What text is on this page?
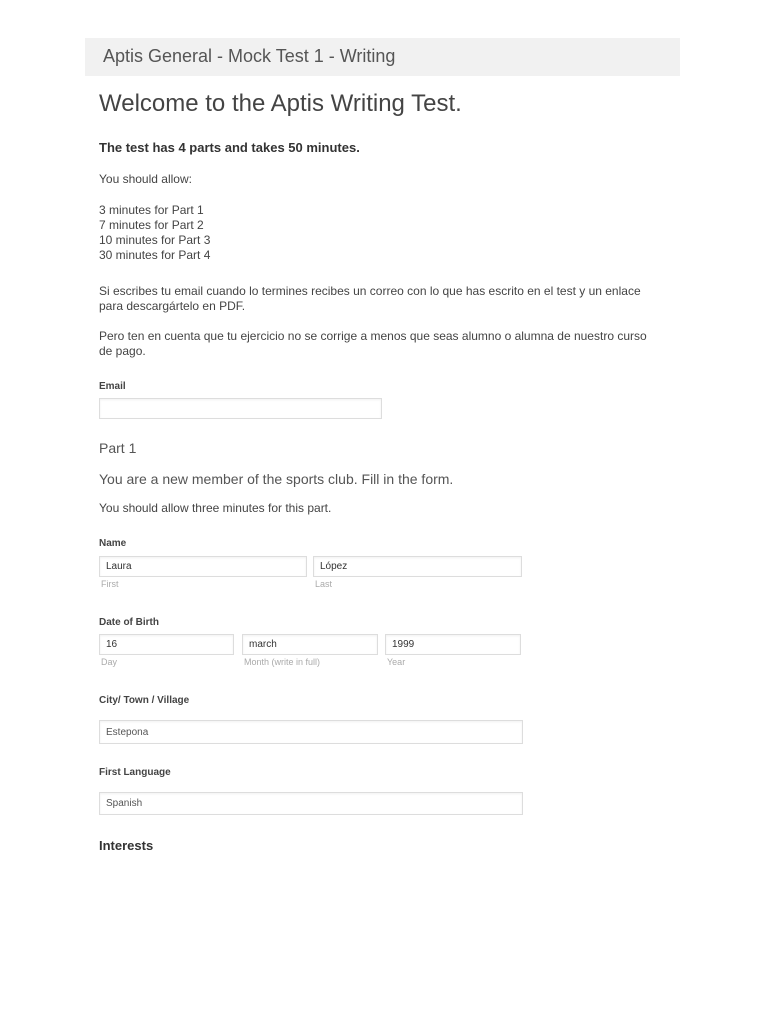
Aptis General - Mock Test 1 - Writing
Welcome to the Aptis Writing Test.
The test has 4 parts and takes 50 minutes.
You should allow:
3 minutes for Part 1
7 minutes for Part 2
10 minutes for Part 3
30 minutes for Part 4
Si escribes tu email cuando lo termines recibes un correo con lo que has escrito en el test y un enlace para descargártelo en PDF.
Pero ten en cuenta que tu ejercicio no se corrige a menos que seas alumno o alumna de nuestro curso de pago.
Email
Part 1
You are a new member of the sports club. Fill in the form.
You should allow three minutes for this part.
Name
Laura
First
López
Last
Date of Birth
16
Day
march
Month (write in full)
1999
Year
City/ Town / Village
Estepona
First Language
Spanish
Interests
